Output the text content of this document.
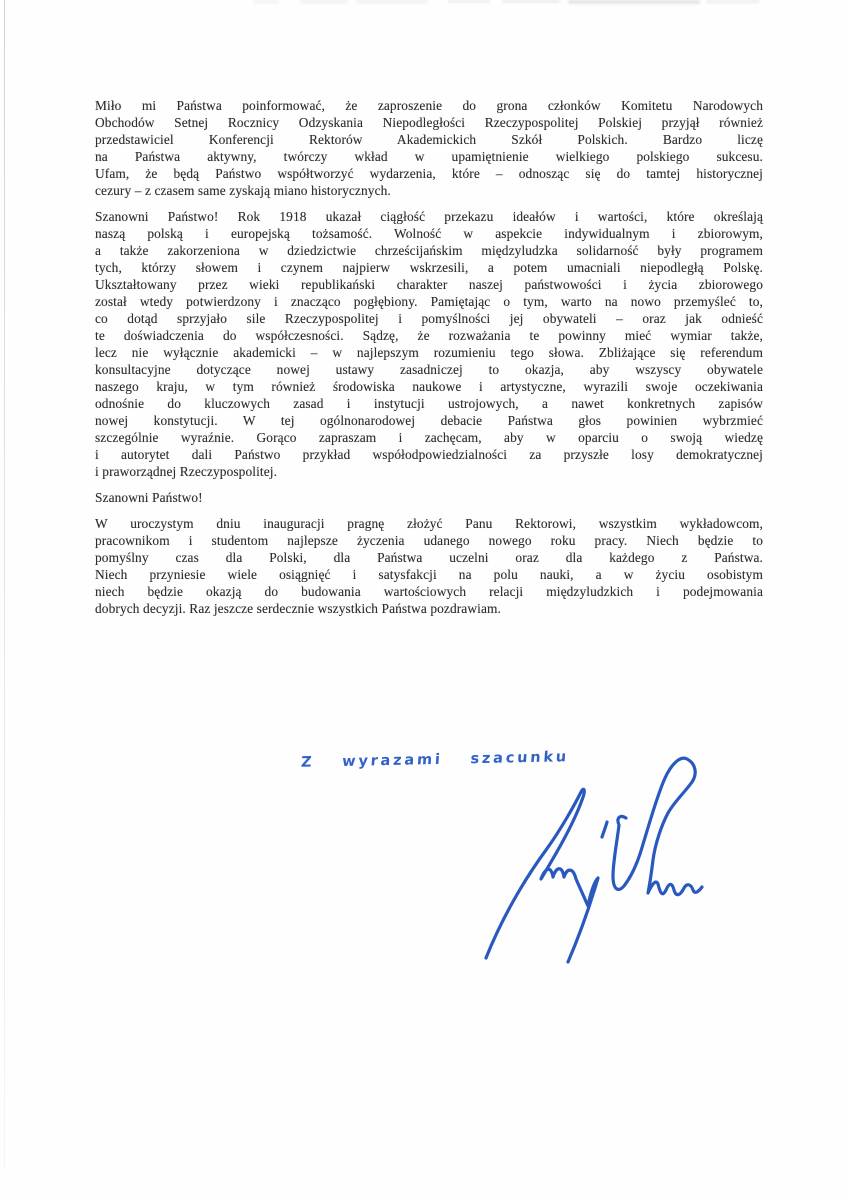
Miło mi Państwa poinformować, że zaproszenie do grona członków Komitetu Narodowych
Obchodów Setnej Rocznicy Odzyskania Niepodległości Rzeczypospolitej Polskiej przyjął również
przedstawiciel Konferencji Rektorów Akademickich Szkół Polskich. Bardzo liczę
na Państwa aktywny, twórczy wkład w upamiętnienie wielkiego polskiego sukcesu.
Ufam, że będą Państwo współtworzyć wydarzenia, które – odnosząc się do tamtej historycznej
cezury – z czasem same zyskają miano historycznych.
Szanowni Państwo! Rok 1918 ukazał ciągłość przekazu ideałów i wartości, które określają
naszą polską i europejską tożsamość. Wolność w aspekcie indywidualnym i zbiorowym,
a także zakorzeniona w dziedzictwie chrześcijańskim międzyludzka solidarność były programem
tych, którzy słowem i czynem najpierw wskrzesili, a potem umacniali niepodległą Polskę.
Ukształtowany przez wieki republikański charakter naszej państwowości i życia zbiorowego
został wtedy potwierdzony i znacząco pogłębiony. Pamiętając o tym, warto na nowo przemyśleć to,
co dotąd sprzyjało sile Rzeczypospolitej i pomyślności jej obywateli – oraz jak odnieść
te doświadczenia do współczesności. Sądzę, że rozważania te powinny mieć wymiar także,
lecz nie wyłącznie akademicki – w najlepszym rozumieniu tego słowa. Zbliżające się referendum
konsultacyjne dotyczące nowej ustawy zasadniczej to okazja, aby wszyscy obywatele
naszego kraju, w tym również środowiska naukowe i artystyczne, wyrazili swoje oczekiwania
odnośnie do kluczowych zasad i instytucji ustrojowych, a nawet konkretnych zapisów
nowej konstytucji. W tej ogólnonarodowej debacie Państwa głos powinien wybrzmieć
szczególnie wyraźnie. Gorąco zapraszam i zachęcam, aby w oparciu o swoją wiedzę
i autorytet dali Państwo przykład współodpowiedzialności za przyszłe losy demokratycznej
i praworządnej Rzeczypospolitej.
Szanowni Państwo!
W uroczystym dniu inauguracji pragnę złożyć Panu Rektorowi, wszystkim wykładowcom,
pracownikom i studentom najlepsze życzenia udanego nowego roku pracy. Niech będzie to
pomyślny czas dla Polski, dla Państwa uczelni oraz dla każdego z Państwa.
Niech przyniesie wiele osiągnięć i satysfakcji na polu nauki, a w życiu osobistym
niech będzie okazją do budowania wartościowych relacji międzyludzkich i podejmowania
dobrych decyzji. Raz jeszcze serdecznie wszystkich Państwa pozdrawiam.
Z wyrazami szacunku
